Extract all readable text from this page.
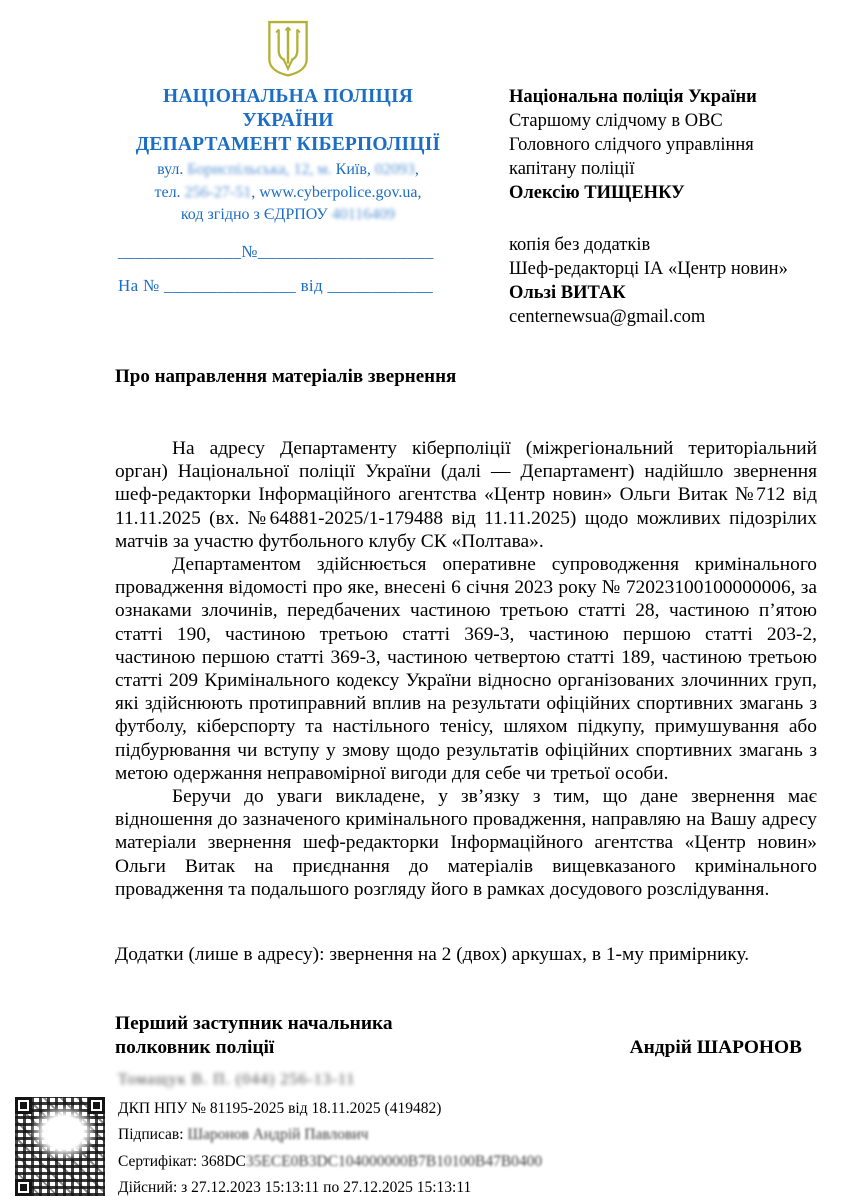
НАЦІОНАЛЬНА ПОЛІЦІЯ
УКРАЇНИ
ДЕПАРТАМЕНТ КІБЕРПОЛІЦІЇ
вул. Бориспільська, 12, м. Київ, 02093,
тел. 256-27-51, www.cyberpolice.gov.ua,
код згідно з ЄДРПОУ 40116409
______________№____________________
На № _______________ від ____________
Національна поліція України
Старшому слідчому в ОВС
Головного слідчого управління
капітану поліції
Олексію ТИЩЕНКУ
копія без додатків
Шеф-редакторці ІА «Центр новин»
Ользі ВИТАК
centernewsua@gmail.com
Про направлення матеріалів звернення

На адресу Департаменту кіберполіції (міжрегіональний територіальний орган) Національної поліції України (далі — Департамент) надійшло звернення шеф-редакторки Інформаційного агентства «Центр новин» Ольги Витак №712 від 11.11.2025 (вх. №64881-2025/1-179488 від 11.11.2025) щодо можливих підозрілих матчів за участю футбольного клубу СК «Полтава».

Департаментом здійснюється оперативне супроводження кримінального провадження відомості про яке, внесені 6 січня 2023 року № 72023100100000006, за ознаками злочинів, передбачених частиною третьою статті 28, частиною п’ятою статті 190, частиною третьою статті 369-3, частиною першою статті 203-2, частиною першою статті 369-3, частиною четвертою статті 189, частиною третьою статті 209 Кримінального кодексу України відносно організованих злочинних груп, які здійснюють протиправний вплив на результати офіційних спортивних змагань з футболу, кіберспорту та настільного тенісу, шляхом підкупу, примушування або підбурювання чи вступу у змову щодо результатів офіційних спортивних змагань з метою одержання неправомірної вигоди для себе чи третьої особи.

Беручи до уваги викладене, у зв’язку з тим, що дане звернення має відношення до зазначеного кримінального провадження, направляю на Вашу адресу матеріали звернення шеф-редакторки Інформаційного агентства «Центр новин» Ольги Витак на приєднання до матеріалів вищевказаного кримінального провадження та подальшого розгляду його в рамках досудового розслідування.

Додатки (лише в адресу): звернення на 2 (двох) аркушах, в 1-му примірнику.
Перший заступник начальника
полковник поліції	Андрій ШАРОНОВ
Томащук В. П. (044) 256-13-11
ДКП НПУ № 81195-2025 від 18.11.2025 (419482)
Підписав: Шаронов Андрій Павлович
Сертифікат: 368DC35ECE0B3DC104000000B7B10100B47B0400
Дійсний: з 27.12.2023 15:13:11 по 27.12.2025 15:13:11
